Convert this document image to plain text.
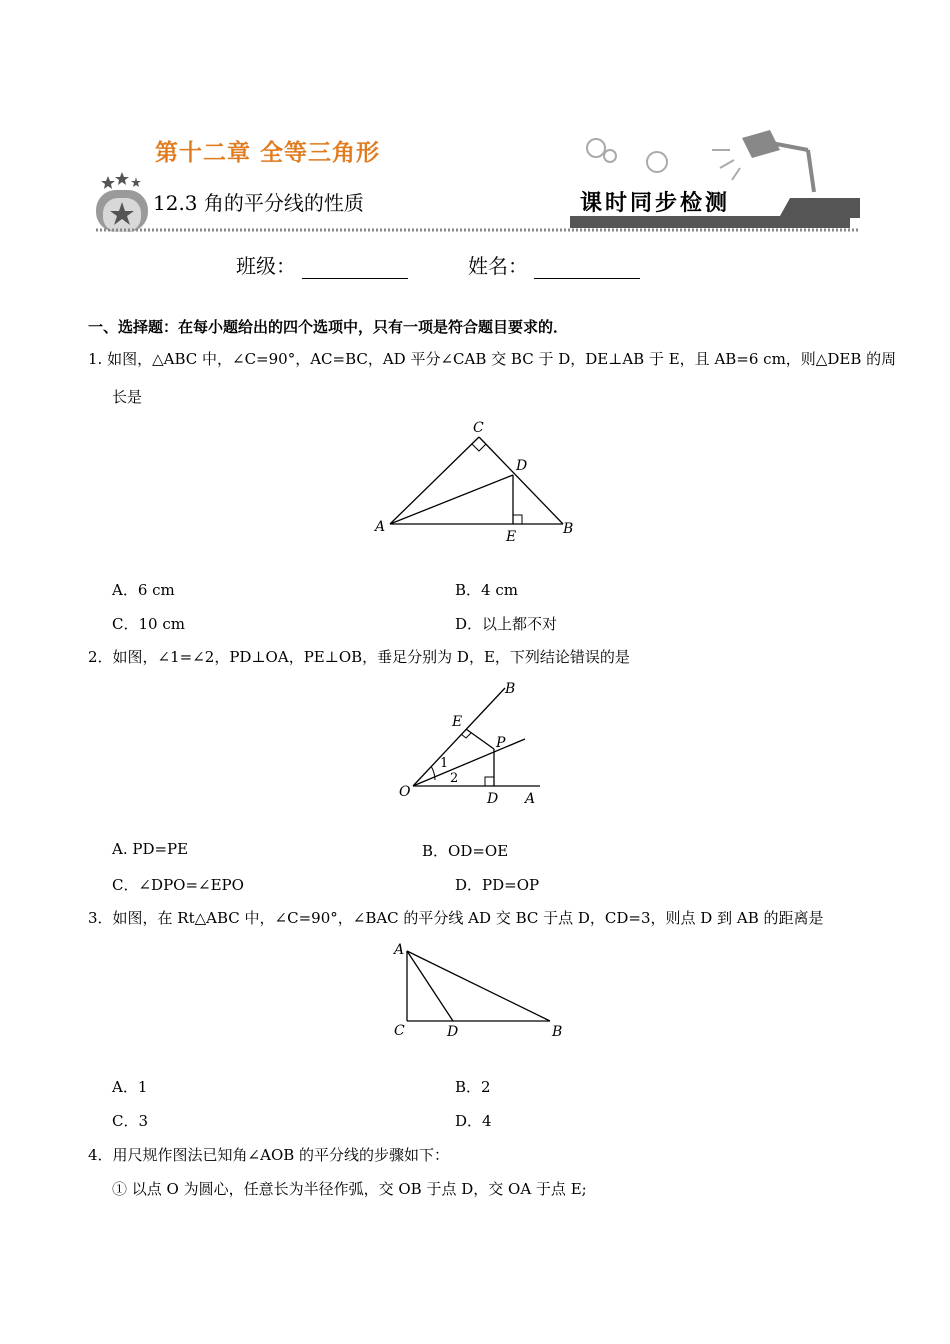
第十二章 全等三角形
12.3 角的平分线的性质	课时同步检测
班级：	姓名：
一、选择题：在每小题给出的四个选项中，只有一项是符合题目要求的．
1. 如图，△ABC 中，∠C=90°，AC=BC，AD 平分∠CAB 交 BC 于 D，DE⊥AB 于 E，且 AB=6 cm，则△DEB 的周
长是
C
D
A
E	B
A．6 cm	B．4 cm
C．10 cm	D．以上都不对
2．如图，∠1=∠2，PD⊥OA，PE⊥OB，垂足分别为 D，E，下列结论错误的是
B
E
P
1
2
O	D A
A. PD=PE	B．OD=OE
C．∠DPO=∠EPO	D．PD=OP
3．如图，在 Rt△ABC 中，∠C=90°，∠BAC 的平分线 AD 交 BC 于点 D，CD=3，则点 D 到 AB 的距离是
A
C	D	B
A．1	B．2
C．3	D．4
4．用尺规作图法已知角∠AOB 的平分线的步骤如下：
① 以点 O 为圆心，任意长为半径作弧，交 OB 于点 D，交 OA 于点 E;
